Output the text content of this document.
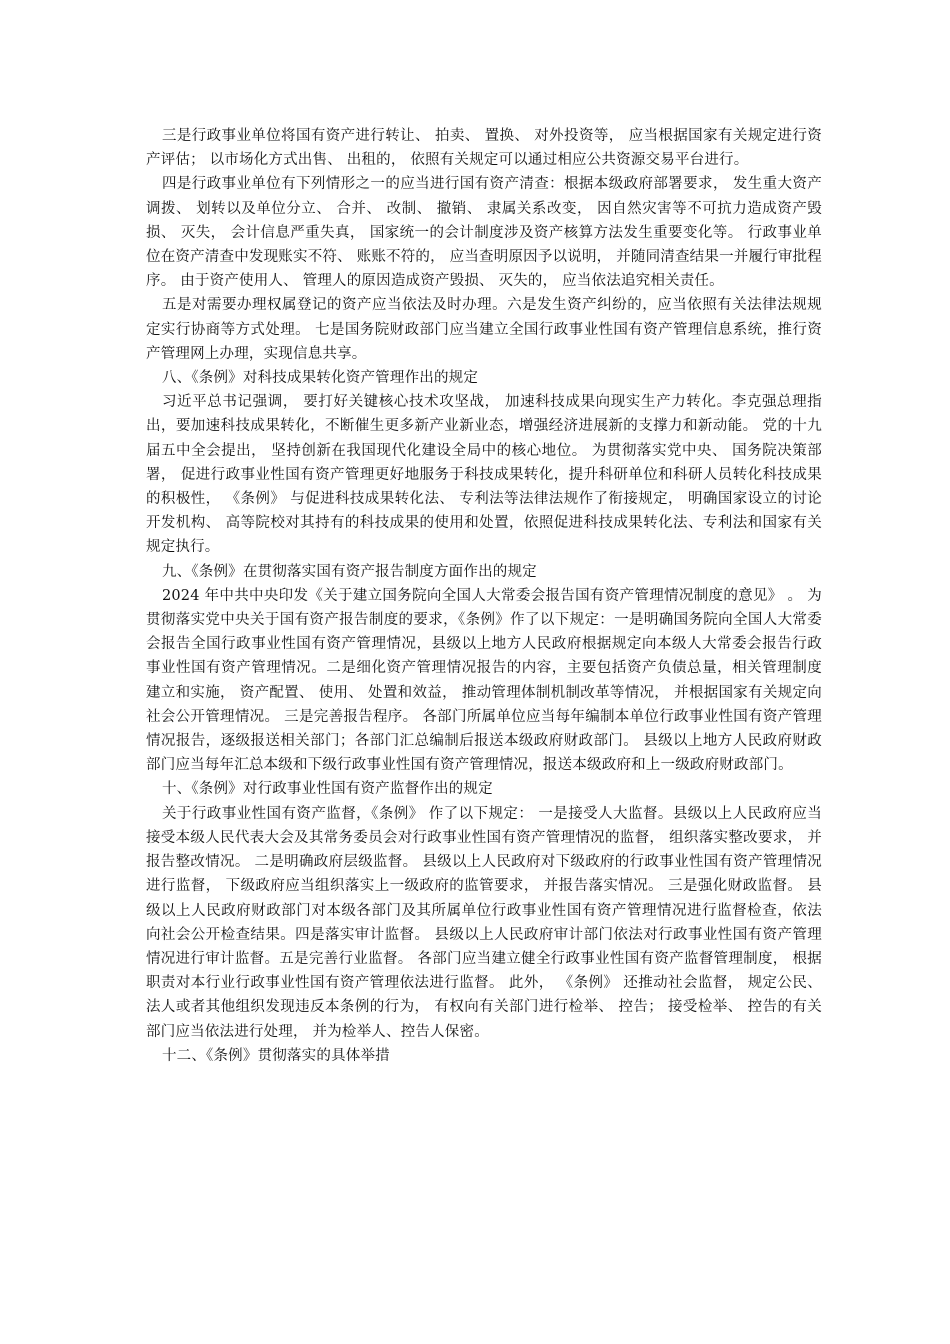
三是行政事业单位将国有资产进行转让、 拍卖、 置换、 对外投资等， 应当根据国家有关规定进行资产评估； 以市场化方式出售、 出租的， 依照有关规定可以通过相应公共资源交易平台进行。

四是行政事业单位有下列情形之一的应当进行国有资产清查：根据本级政府部署要求， 发生重大资产调拨、 划转以及单位分立、 合并、 改制、 撤销、 隶属关系改变， 因自然灾害等不可抗力造成资产毁损、 灭失， 会计信息严重失真， 国家统一的会计制度涉及资产核算方法发生重要变化等。 行政事业单位在资产清查中发现账实不符、 账账不符的， 应当查明原因予以说明， 并随同清查结果一并履行审批程序。 由于资产使用人、 管理人的原因造成资产毁损、 灭失的， 应当依法追究相关责任。

五是对需要办理权属登记的资产应当依法及时办理。六是发生资产纠纷的，应当依照有关法律法规规定实行协商等方式处理。 七是国务院财政部门应当建立全国行政事业性国有资产管理信息系统，推行资产管理网上办理，实现信息共享。

八、《条例》对科技成果转化资产管理作出的规定

习近平总书记强调， 要打好关键核心技术攻坚战， 加速科技成果向现实生产力转化。李克强总理指出，要加速科技成果转化，不断催生更多新产业新业态，增强经济进展新的支撑力和新动能。 党的十九届五中全会提出， 坚持创新在我国现代化建设全局中的核心地位。 为贯彻落实党中央、 国务院决策部署， 促进行政事业性国有资产管理更好地服务于科技成果转化，提升科研单位和科研人员转化科技成果的积极性， 《条例》 与促进科技成果转化法、 专利法等法律法规作了衔接规定， 明确国家设立的讨论开发机构、 高等院校对其持有的科技成果的使用和处置，依照促进科技成果转化法、专利法和国家有关规定执行。

九、《条例》在贯彻落实国有资产报告制度方面作出的规定

2024 年中共中央印发《关于建立国务院向全国人大常委会报告国有资产管理情况制度的意见》 。 为贯彻落实党中央关于国有资产报告制度的要求，《条例》作了以下规定：一是明确国务院向全国人大常委会报告全国行政事业性国有资产管理情况，县级以上地方人民政府根据规定向本级人大常委会报告行政事业性国有资产管理情况。二是细化资产管理情况报告的内容，主要包括资产负债总量，相关管理制度建立和实施， 资产配置、 使用、 处置和效益， 推动管理体制机制改革等情况， 并根据国家有关规定向社会公开管理情况。 三是完善报告程序。 各部门所属单位应当每年编制本单位行政事业性国有资产管理情况报告，逐级报送相关部门；各部门汇总编制后报送本级政府财政部门。 县级以上地方人民政府财政部门应当每年汇总本级和下级行政事业性国有资产管理情况，报送本级政府和上一级政府财政部门。

十、《条例》对行政事业性国有资产监督作出的规定

关于行政事业性国有资产监督，《条例》 作了以下规定： 一是接受人大监督。县级以上人民政府应当接受本级人民代表大会及其常务委员会对行政事业性国有资产管理情况的监督， 组织落实整改要求， 并报告整改情况。 二是明确政府层级监督。 县级以上人民政府对下级政府的行政事业性国有资产管理情况进行监督， 下级政府应当组织落实上一级政府的监管要求， 并报告落实情况。 三是强化财政监督。 县级以上人民政府财政部门对本级各部门及其所属单位行政事业性国有资产管理情况进行监督检查，依法向社会公开检查结果。四是落实审计监督。 县级以上人民政府审计部门依法对行政事业性国有资产管理情况进行审计监督。五是完善行业监督。 各部门应当建立健全行政事业性国有资产监督管理制度， 根据职责对本行业行政事业性国有资产管理依法进行监督。 此外， 《条例》 还推动社会监督， 规定公民、 法人或者其他组织发现违反本条例的行为， 有权向有关部门进行检举、 控告； 接受检举、 控告的有关部门应当依法进行处理， 并为检举人、控告人保密。

十二、《条例》贯彻落实的具体举措
